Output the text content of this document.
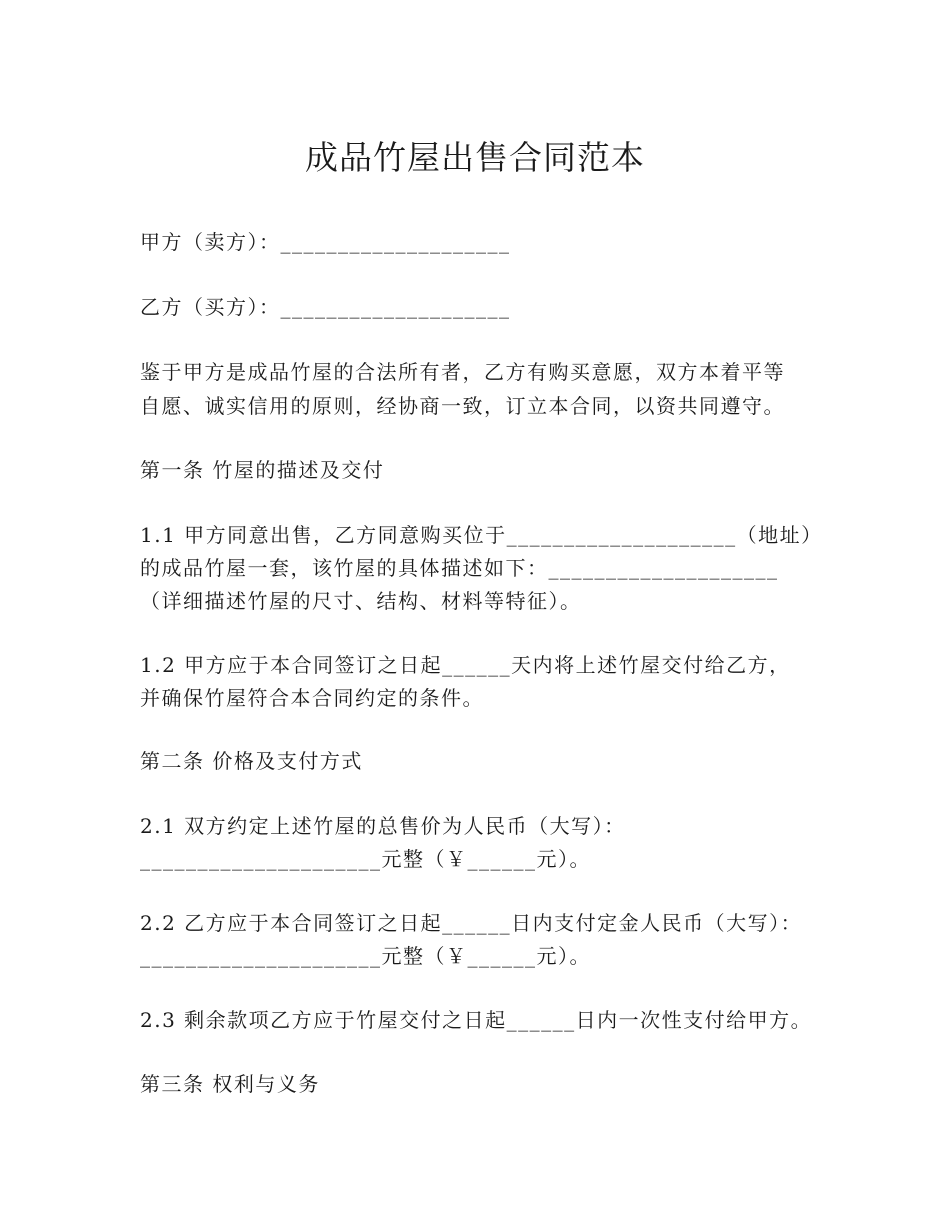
成品竹屋出售合同范本
甲方（卖方）：____________________
乙方（买方）：____________________
鉴于甲方是成品竹屋的合法所有者，乙方有购买意愿，双方本着平等
自愿、诚实信用的原则，经协商一致，订立本合同，以资共同遵守。
第一条 竹屋的描述及交付
1.1 甲方同意出售，乙方同意购买位于____________________（地址）
的成品竹屋一套，该竹屋的具体描述如下：____________________
（详细描述竹屋的尺寸、结构、材料等特征）。
1.2 甲方应于本合同签订之日起______天内将上述竹屋交付给乙方，
并确保竹屋符合本合同约定的条件。
第二条 价格及支付方式
2.1 双方约定上述竹屋的总售价为人民币（大写）：
_____________________元整（￥______元）。
2.2 乙方应于本合同签订之日起______日内支付定金人民币（大写）：
_____________________元整（￥______元）。
2.3 剩余款项乙方应于竹屋交付之日起______日内一次性支付给甲方。
第三条 权利与义务
